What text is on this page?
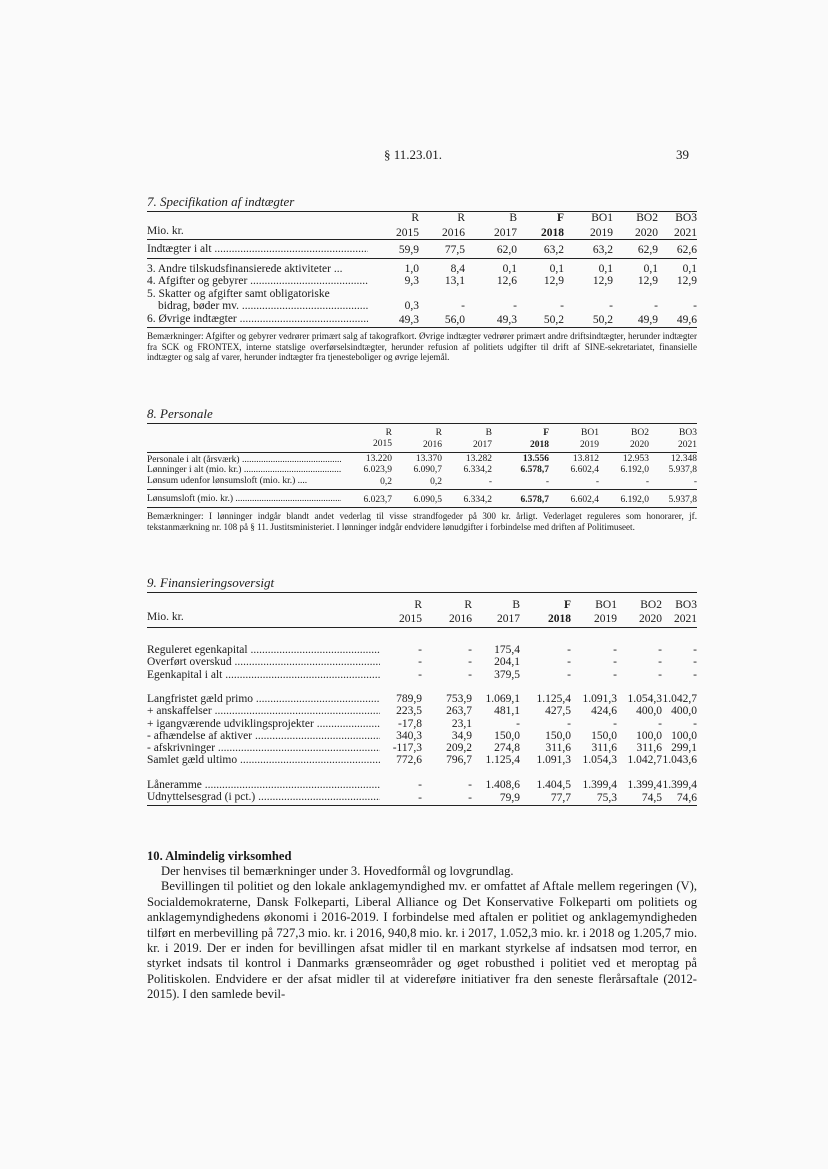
§ 11.23.01.	39
7. Specifikation af indtægter
	R	R	B	F	BO1	BO2	BO3
Mio. kr.	2015	2016	2017	2018	2019	2020	2021

Indtægter i alt .....	59,9	77,5	62,0	63,2	63,2	62,9	62,6

3. Andre tilskudsfinansierede aktiviteter ...	1,0	8,4	0,1	0,1	0,1	0,1	0,1
4. Afgifter og gebyrer .....	9,3	13,1	12,6	12,9	12,9	12,9	12,9
5. Skatter og afgifter samt obligatoriske							
bidrag, bøder mv. .....	0,3	-	-	-	-	-	-
6. Øvrige indtægter .....	49,3	56,0	49,3	50,2	50,2	49,9	49,6
Bemærkninger: Afgifter og gebyrer vedrører primært salg af takografkort. Øvrige indtægter vedrører primært andre driftsindtægter, herunder indtægter fra SCK og FRONTEX, interne statslige overførselsindtægter, herunder refusion af politiets udgifter til drift af SINE-sekretariatet, finansielle indtægter og salg af varer, herunder indtægter fra tjenesteboliger og øvrige lejemål.
8. Personale
	R	R	B	F	BO1	BO2	BO3
	2015	2016	2017	2018	2019	2020	2021
Personale i alt (årsværk) .....	13.220	13.370	13.282	13.556	13.812	12.953	12.348
Lønninger i alt (mio. kr.) .....	6.023,9	6.090,7	6.334,2	6.578,7	6.602,4	6.192,0	5.937,8
Lønsum udenfor lønsumsloft (mio. kr.) ....	0,2	0,2	-	-	-	-	-

Lønsumsloft (mio. kr.) .....	6.023,7	6.090,5	6.334,2	6.578,7	6.602,4	6.192,0	5.937,8
Bemærkninger: I lønninger indgår blandt andet vederlag til visse strandfogeder på 300 kr. årligt. Vederlaget reguleres som honorarer, jf. tekstanmærkning nr. 108 på § 11. Justitsministeriet. I lønninger indgår endvidere lønudgifter i forbindelse med driften af Politimuseet.
9. Finansieringsoversigt
	R	R	B	F	BO1	BO2	BO3
Mio. kr.	2015	2016	2017	2018	2019	2020	2021

Reguleret egenkapital .....	-	-	175,4	-	-	-	-
Overført overskud .....	-	-	204,1	-	-	-	-
Egenkapital i alt .....	-	-	379,5	-	-	-	-

Langfristet gæld primo .....	789,9	753,9	1.069,1	1.125,4	1.091,3	1.054,3	1.042,7
+ anskaffelser .....	223,5	263,7	481,1	427,5	424,6	400,0	400,0
+ igangværende udviklingsprojekter .....	-17,8	23,1	-	-	-	-	-
- afhændelse af aktiver .....	340,3	34,9	150,0	150,0	150,0	100,0	100,0
- afskrivninger .....	-117,3	209,2	274,8	311,6	311,6	311,6	299,1
Samlet gæld ultimo .....	772,6	796,7	1.125,4	1.091,3	1.054,3	1.042,7	1.043,6

Låneramme .....	-	-	1.408,6	1.404,5	1.399,4	1.399,4	1.399,4
Udnyttelsesgrad (i pct.) .....	-	-	79,9	77,7	75,3	74,5	74,6
10. Almindelig virksomhed

Der henvises til bemærkninger under 3. Hovedformål og lovgrundlag.

Bevillingen til politiet og den lokale anklagemyndighed mv. er omfattet af Aftale mellem regeringen (V), Socialdemokraterne, Dansk Folkeparti, Liberal Alliance og Det Konservative Folkeparti om politiets og anklagemyndighedens økonomi i 2016-2019. I forbindelse med aftalen er politiet og anklagemyndigheden tilført en merbevilling på 727,3 mio. kr. i 2016, 940,8 mio. kr. i 2017, 1.052,3 mio. kr. i 2018 og 1.205,7 mio. kr. i 2019. Der er inden for bevillingen afsat midler til en markant styrkelse af indsatsen mod terror, en styrket indsats til kontrol i Danmarks grænseområder og øget robusthed i politiet ved et meroptag på Politiskolen. Endvidere er der afsat midler til at videreføre initiativer fra den seneste flerårsaftale (2012-2015). I den samlede bevil-
